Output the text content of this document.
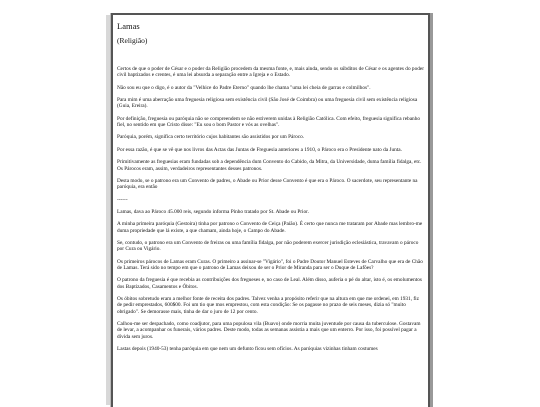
Lamas
(Religião)

Certos de que o poder de César e o poder da Religião procedem da mesma fonte, e, mais ainda, sendo os súbditos de César e os agentes do poder civil baptizados e crentes, é uma lei absurda a separação entre a Igreja e o Estado.

Não sou eu que o digo, é o autor da "Velhice do Padre Eterno" quando lhe chama "uma lei cheia de garras e colmilhos".

Para mim é uma aberração uma freguesia religiosa sem existência civil (São José de Coimbra) ou uma freguesia civil sem existência religiosa (Guia, Ereira).

Por definição, freguesia ou paróquia não se compreendem se não estiverem unidas à Religião Católica. Com efeito, freguesia significa rebanho fiel, no sentido em que Cristo disse: "Eu sou o bom Pastor e vós as ovelhas".

Paróquia, porém, significa certo território cujos habitantes são assistidos por um Pároco.

Por essa razão, é que se vê que nos livros das Actas das Juntas de Freguesia anteriores a 1910, o Pároco era o Presidente nato da Junta.

Primitivamente as freguesias eram fundadas sob a dependência dum Convento do Cabido, da Mitra, da Universidade, duma família fidalga, etc. Os Párocos eram, assim, verdadeiros representantes desses patronos.

Desta modo, se o patrono era um Convento de padres, o Abade ou Prior desse Convento é que era o Pároco. O sacerdote, seu representante na paróquia, era então

------

Lamas, dava ao Pároco 45.000 reis, segundo informa Pinho tratado por St. Abade ou Prior.

A minha primeira paróquia (Gestoira) tinha por patrono o Convento de Ceiça (Paião). É certo que nunca me trataram por Abade mas lembro-me duma propriedade que lá existe, a que chamam, ainda hoje, o Campo do Abade.

Se, contudo, o patrono era um Convento de freiras ou uma família fidalga, por não poderem exercer jurisdição eclesiástica, travavam o pároco por Cura ou Vigário.

Os primeiros párocos de Lamas eram Curas. O primeiro a assinar-se "Vigário", foi o Padre Doutor Manuel Esteves de Carvalho que era de Chão de Lamas. Terá sido no tempo em que o patrono de Lamas deixou de ser o Prior de Miranda para ser o Duque de Lafões?

O patrono da freguesia é que recebia as contribuições dos fregueses e, no caso de Leal. Além disso, auferia o pé do altar, isto é, os emolumentos dos Baptizados, Casamentos e Óbitos.

Os óbitos sobretudo eram a melhor fonte de receita dos padres. Talvez venha a propósito referir que na altura em que me ordenei, em 1931, fiz de pedir emprestados, 600$00. Foi um tio que mos emprestou, com esta condição: Se os pagasse no prazo de seis meses, dizia só "muito obrigado". Se demorasse mais, tinha de dar o juro de 12 por cento.

Calhou-me ser despachado, como coadjutor, para uma populosa vila (Buavo) onde morria muita juventude por causa da tuberculose. Gostavam de levar, a acompanhar os funerais, vários padres. Deste modo, todas as semanas assistia a mais que um enterro. Por isso, foi possível pagar a dívida sem juros.

Lastas depois (1940-53) tenha paróquia em que nem um defunto ficou sem ofícios. As paróquias vizinhas tinham costumes
